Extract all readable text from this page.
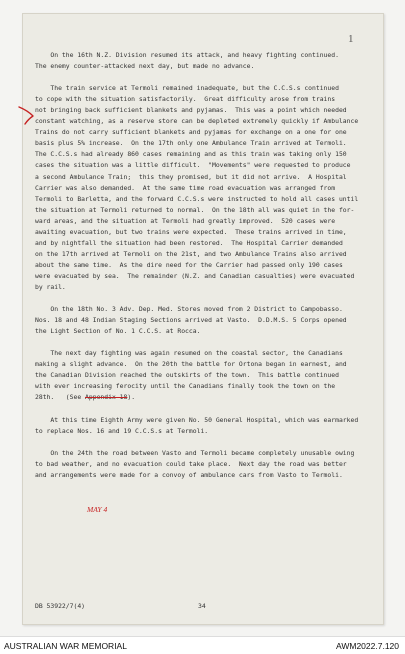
1
On the 16th N.Z. Division resumed its attack, and heavy fighting continued.
The enemy counter-attacked next day, but made no advance.
The train service at Termoli remained inadequate, but the C.C.S.s continued
to cope with the situation satisfactorily.  Great difficulty arose from trains
not bringing back sufficient blankets and pyjamas.  This was a point which needed
constant watching, as a reserve store can be depleted extremely quickly if Ambulance
Trains do not carry sufficient blankets and pyjamas for exchange on a one for one
basis plus 5% increase.  On the 17th only one Ambulance Train arrived at Termoli.
The C.C.S.s had already 860 cases remaining and as this train was taking only 150
cases the situation was a little difficult.  "Movements" were requested to produce
a second Ambulance Train;  this they promised, but it did not arrive.  A Hospital
Carrier was also demanded.  At the same time road evacuation was arranged from
Termoli to Barletta, and the forward C.C.S.s were instructed to hold all cases until
the situation at Termoli returned to normal.  On the 18th all was quiet in the for-
ward areas, and the situation at Termoli had greatly improved.  520 cases were
awaiting evacuation, but two trains were expected.  These trains arrived in time,
and by nightfall the situation had been restored.  The Hospital Carrier demanded
on the 17th arrived at Termoli on the 21st, and two Ambulance Trains also arrived
about the same time.  As the dire need for the Carrier had passed only 190 cases
were evacuated by sea.  The remainder (N.Z. and Canadian casualties) were evacuated
by rail.
On the 18th No. 3 Adv. Dep. Med. Stores moved from 2 District to Campobasso.
Nos. 18 and 48 Indian Staging Sections arrived at Vasto.  D.D.M.S. 5 Corps opened
the Light Section of No. 1 C.C.S. at Rocca.
The next day fighting was again resumed on the coastal sector, the Canadians
making a slight advance.  On the 20th the battle for Ortona began in earnest, and
the Canadian Division reached the outskirts of the town.  This battle continued
with ever increasing ferocity until the Canadians finally took the town on the
28th.   (See Appendix 18).
At this time Eighth Army were given No. 50 General Hospital, which was earmarked
to replace Nos. 16 and 19 C.C.S.s at Termoli.
On the 24th the road between Vasto and Termoli became completely unusable owing
to bad weather, and no evacuation could take place.  Next day the road was better
and arrangements were made for a convoy of ambulance cars from Vasto to Termoli.
MAY 4
DB 53922/7(4)	34
AUSTRALIAN WAR MEMORIAL	AWM2022.7.120
